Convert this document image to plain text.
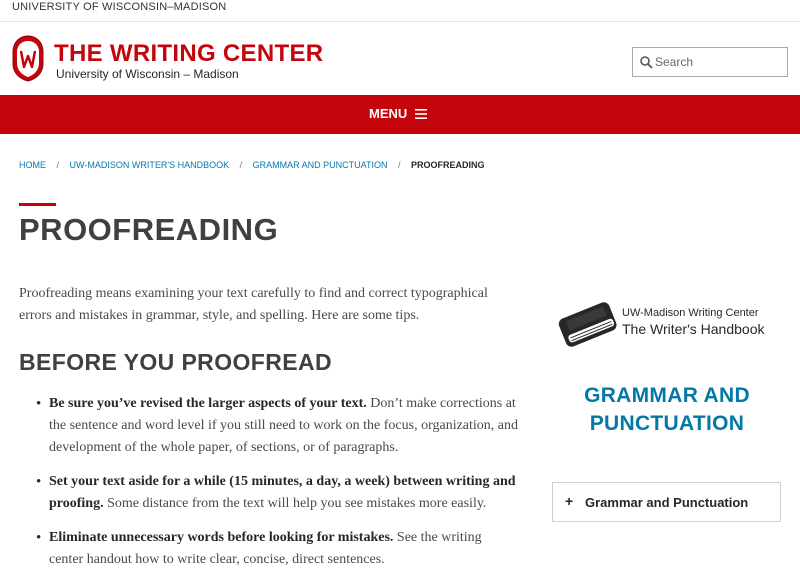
UNIVERSITY OF WISCONSIN–MADISON
THE WRITING CENTER
University of Wisconsin – Madison
Search
MENU
HOME / UW-MADISON WRITER'S HANDBOOK / GRAMMAR AND PUNCTUATION / PROOFREADING
PROOFREADING

Proofreading means examining your text carefully to find and correct typographical errors and mistakes in grammar, style, and spelling. Here are some tips.

BEFORE YOU PROOFREAD
• Be sure you’ve revised the larger aspects of your text. Don’t make corrections at the sentence and word level if you still need to work on the focus, organization, and development of the whole paper, of sections, or of paragraphs.
• Set your text aside for a while (15 minutes, a day, a week) between writing and proofing. Some distance from the text will help you see mistakes more easily.
• Eliminate unnecessary words before looking for mistakes. See the writing center handout how to write clear, concise, direct sentences.
UW-Madison Writing Center
The Writer's Handbook
GRAMMAR AND
PUNCTUATION
+ Grammar and Punctuation
